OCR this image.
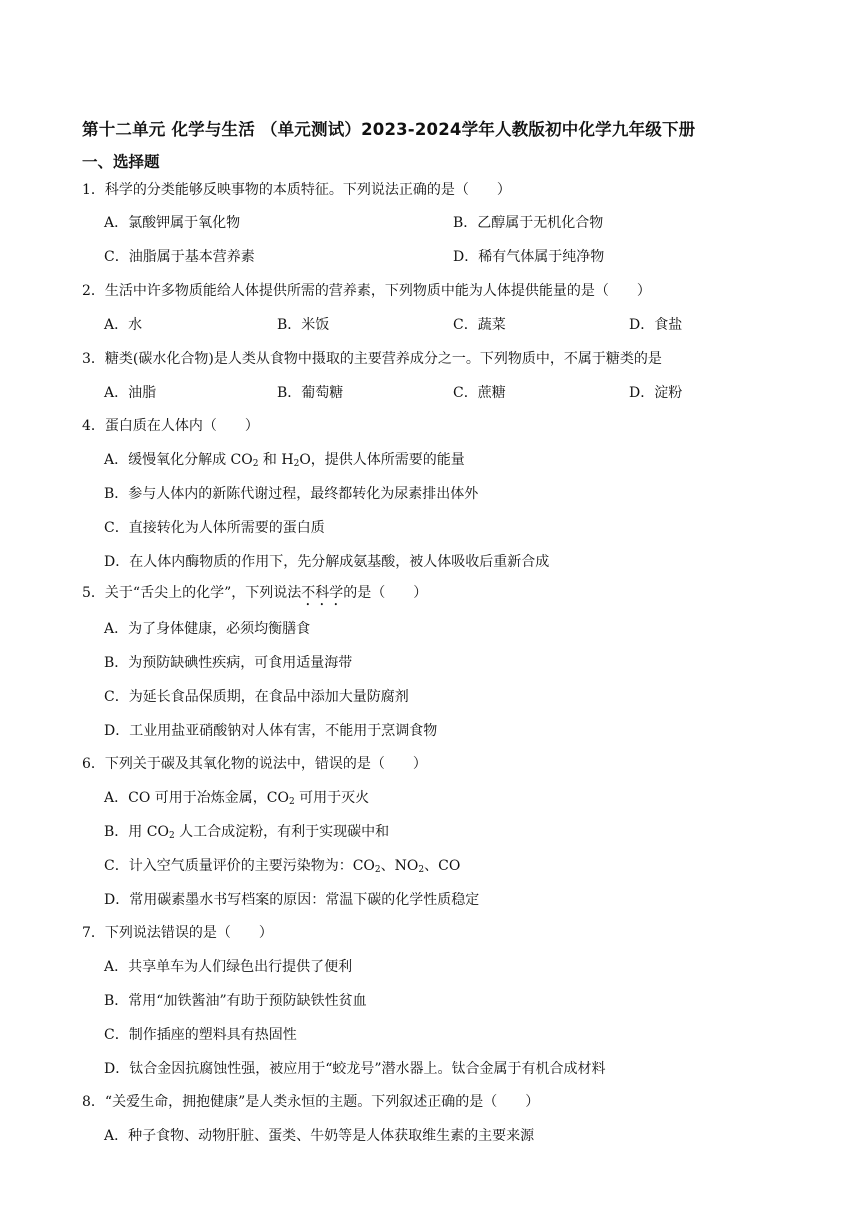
第十二单元 化学与生活 （单元测试）2023-2024学年人教版初中化学九年级下册
一、选择题
1．科学的分类能够反映事物的本质特征。下列说法正确的是（　　）
A．氯酸钾属于氧化物	B．乙醇属于无机化合物
C．油脂属于基本营养素	D．稀有气体属于纯净物
2．生活中许多物质能给人体提供所需的营养素，下列物质中能为人体提供能量的是（　　）
A．水	B．米饭	C．蔬菜	D．食盐
3．糖类(碳水化合物)是人类从食物中摄取的主要营养成分之一。下列物质中，不属于糖类的是
A．油脂	B．葡萄糖	C．蔗糖	D．淀粉
4．蛋白质在人体内（　　）
A．缓慢氧化分解成 $CO_2$ 和 $H_2O$，提供人体所需要的能量
B．参与人体内的新陈代谢过程，最终都转化为尿素排出体外
C．直接转化为人体所需要的蛋白质
D．在人体内酶物质的作用下，先分解成氨基酸，被人体吸收后重新合成
5．关于“舌尖上的化学”，下列说法不科学的是（　　）
A．为了身体健康，必须均衡膳食
B．为预防缺碘性疾病，可食用适量海带
C．为延长食品保质期，在食品中添加大量防腐剂
D．工业用盐亚硝酸钠对人体有害，不能用于烹调食物
6．下列关于碳及其氧化物的说法中，错误的是（　　）
A．CO 可用于冶炼金属，$CO_2$ 可用于灭火
B．用 $CO_2$ 人工合成淀粉，有利于实现碳中和
C．计入空气质量评价的主要污染物为：$CO_2$、$NO_2$、CO
D．常用碳素墨水书写档案的原因：常温下碳的化学性质稳定
7．下列说法错误的是（　　）
A．共享单车为人们绿色出行提供了便利
B．常用“加铁酱油”有助于预防缺铁性贫血
C．制作插座的塑料具有热固性
D．钛合金因抗腐蚀性强，被应用于“蛟龙号”潜水器上。钛合金属于有机合成材料
8．“关爱生命，拥抱健康”是人类永恒的主题。下列叙述正确的是（　　）
A．种子食物、动物肝脏、蛋类、牛奶等是人体获取维生素的主要来源
